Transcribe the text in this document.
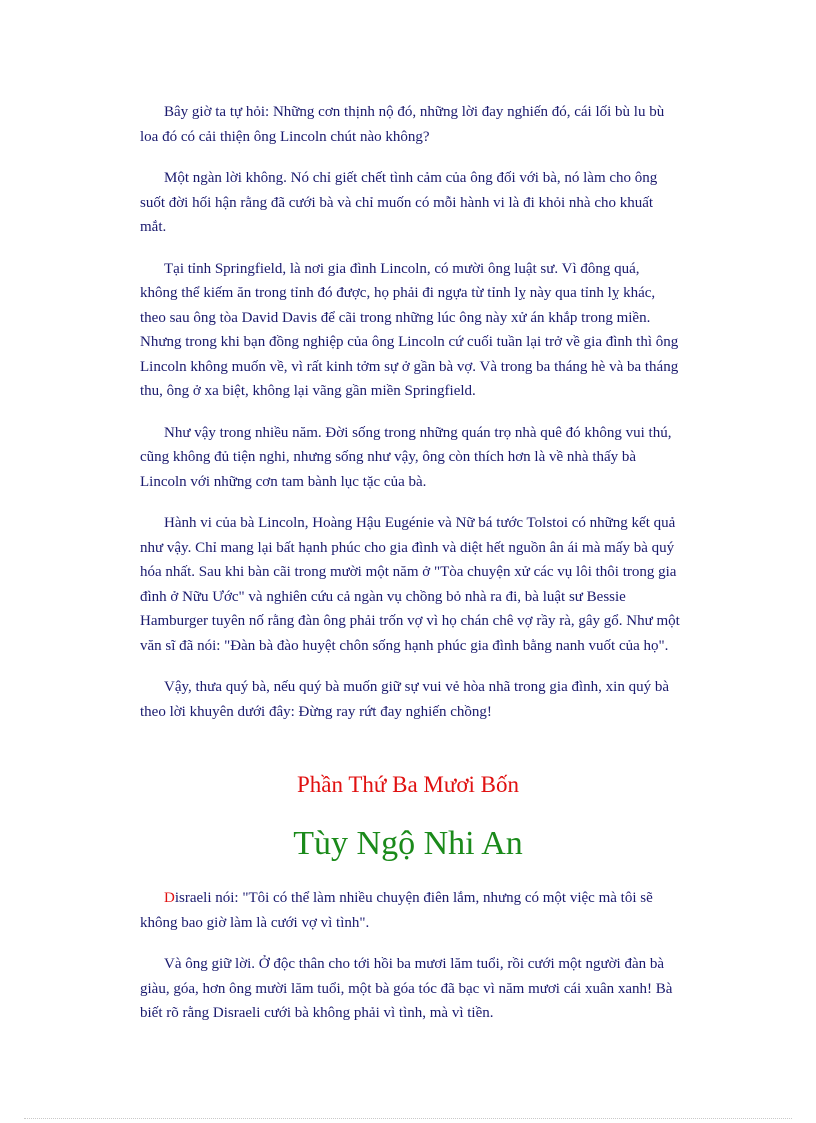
Bây giờ ta tự hỏi: Những cơn thịnh nộ đó, những lời đay nghiến đó, cái lối bù lu bù loa đó có cải thiện ông Lincoln chút nào không?

Một ngàn lời không. Nó chỉ giết chết tình cảm của ông đối với bà, nó làm cho ông suốt đời hối hận rằng đã cưới bà và chỉ muốn có mỗi hành vi là đi khỏi nhà cho khuất mắt.

Tại tỉnh Springfield, là nơi gia đình Lincoln, có mười ông luật sư. Vì đông quá, không thể kiếm ăn trong tỉnh đó được, họ phải đi ngựa từ tỉnh lỵ này qua tỉnh lỵ khác, theo sau ông tòa David Davis để cãi trong những lúc ông này xử án khắp trong miền. Nhưng trong khi bạn đồng nghiệp của ông Lincoln cứ cuối tuần lại trở về gia đình thì ông Lincoln không muốn về, vì rất kinh tởm sự ở gần bà vợ. Và trong ba tháng hè và ba tháng thu, ông ở xa biệt, không lại vãng gần miền Springfield.

Như vậy trong nhiều năm. Đời sống trong những quán trọ nhà quê đó không vui thú, cũng không đủ tiện nghi, nhưng sống như vậy, ông còn thích hơn là về nhà thấy bà Lincoln với những cơn tam bành lục tặc của bà.

Hành vi của bà Lincoln, Hoàng Hậu Eugénie và Nữ bá tước Tolstoi có những kết quả như vậy. Chỉ mang lại bất hạnh phúc cho gia đình và diệt hết nguồn ân ái mà mấy bà quý hóa nhất. Sau khi bàn cãi trong mười một năm ở "Tòa chuyện xử các vụ lôi thôi trong gia đình ở Nữu Ước" và nghiên cứu cả ngàn vụ chồng bỏ nhà ra đi, bà luật sư Bessie Hamburger tuyên nố rằng đàn ông phải trốn vợ vì họ chán chê vợ rầy rà, gây gổ. Như một văn sĩ đã nói: "Đàn bà đào huyệt chôn sống hạnh phúc gia đình bằng nanh vuốt của họ".

Vậy, thưa quý bà, nếu quý bà muốn giữ sự vui vẻ hòa nhã trong gia đình, xin quý bà theo lời khuyên dưới đây: Đừng ray rứt đay nghiến chồng!

Phần Thứ Ba Mươi Bốn
Tùy Ngộ Nhi An

Disraeli nói: "Tôi có thể làm nhiều chuyện điên lắm, nhưng có một việc mà tôi sẽ không bao giờ làm là cưới vợ vì tình".

Và ông giữ lời. Ở độc thân cho tới hồi ba mươi lăm tuổi, rồi cưới một người đàn bà giàu, góa, hơn ông mười lăm tuổi, một bà góa tóc đã bạc vì năm mươi cái xuân xanh! Bà biết rõ rằng Disraeli cưới bà không phải vì tình, mà vì tiền.
